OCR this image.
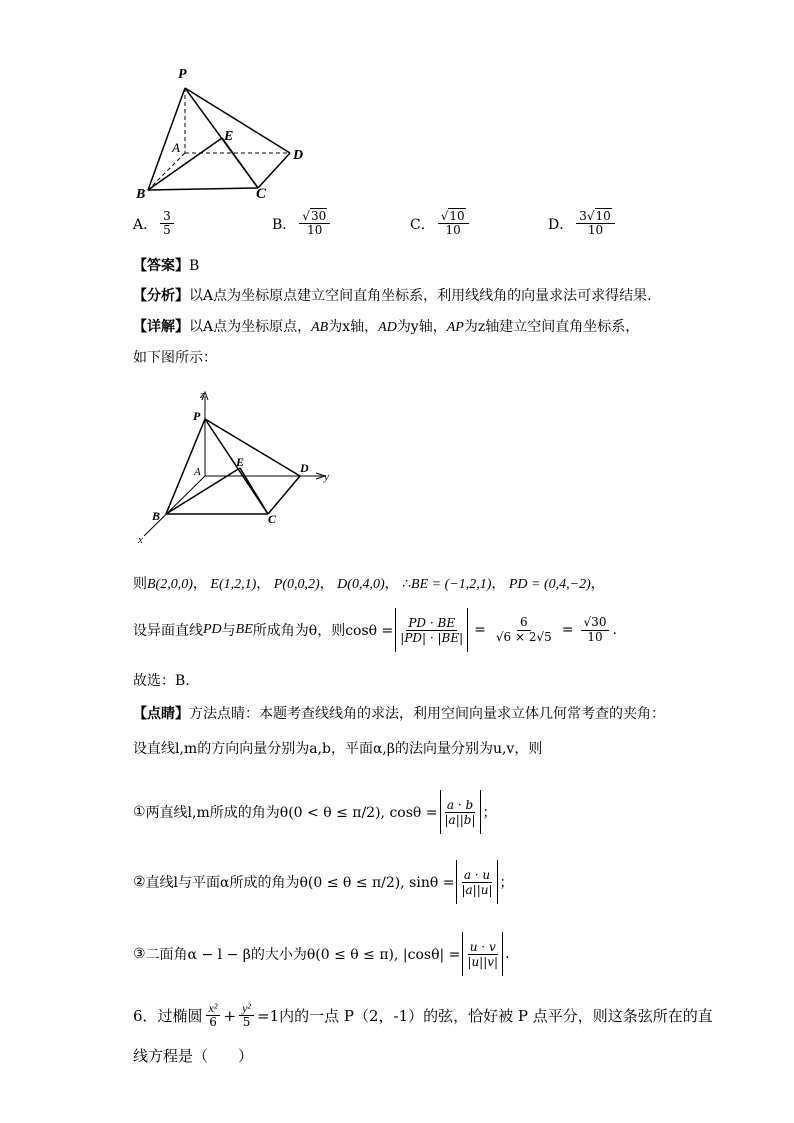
P
A
E
D
B	C
A． $\frac{3}{5}$	B． $\frac{√30}{10}$	C． $\frac{√10}{10}$	D． $\frac{3√10}{10}$
【答案】B
【分析】以A点为坐标原点建立空间直角坐标系，利用线线角的向量求法可求得结果.
【详解】以A点为坐标原点，AB为x轴，AD为y轴，AP为z轴建立空间直角坐标系，
如下图所示：
z
P
A
E	D
y
B	C
x
则B(2,0,0)， E(1,2,1)， P(0,0,2)， D(0,4,0)， ∴BE = (−1,2,1)， PD = (0,4,−2)，
设异面直线 PD 与 BE 所成角为θ，则$\cos\theta = \frac{PD \cdot BE}{|PD| \cdot |BE|} = \frac{6}{√6 \times 2√5} = \frac{√30}{10}$ .
故选：B.
【点睛】方法点睛：本题考查线线角的求法，利用空间向量求立体几何常考查的夹角：
设直线l,m的方向向量分别为a,b，平面α,β的法向量分别为u,v，则
① 两直线l,m所成的角为θ(0 < θ ≤ π/2), $\cos\theta = \frac{a \cdot b}{|a||b|}$ ；
② 直线l与平面α所成的角为θ(0 ≤ θ ≤ π/2), $\sin\theta = \frac{a \cdot u}{|a||u|}$ ；
③ 二面角α − l − β的大小为θ(0 ≤ θ ≤ π), $|\cos\theta| = \frac{u \cdot v}{|u||v|}$ .
6．过椭圆 $\frac{\text{x²}}{6} + \frac{\text{y²}}{5} =1$内的一点 P（2，-1）的弦，恰好被 P 点平分，则这条弦所在的直
线方程是（　　）
